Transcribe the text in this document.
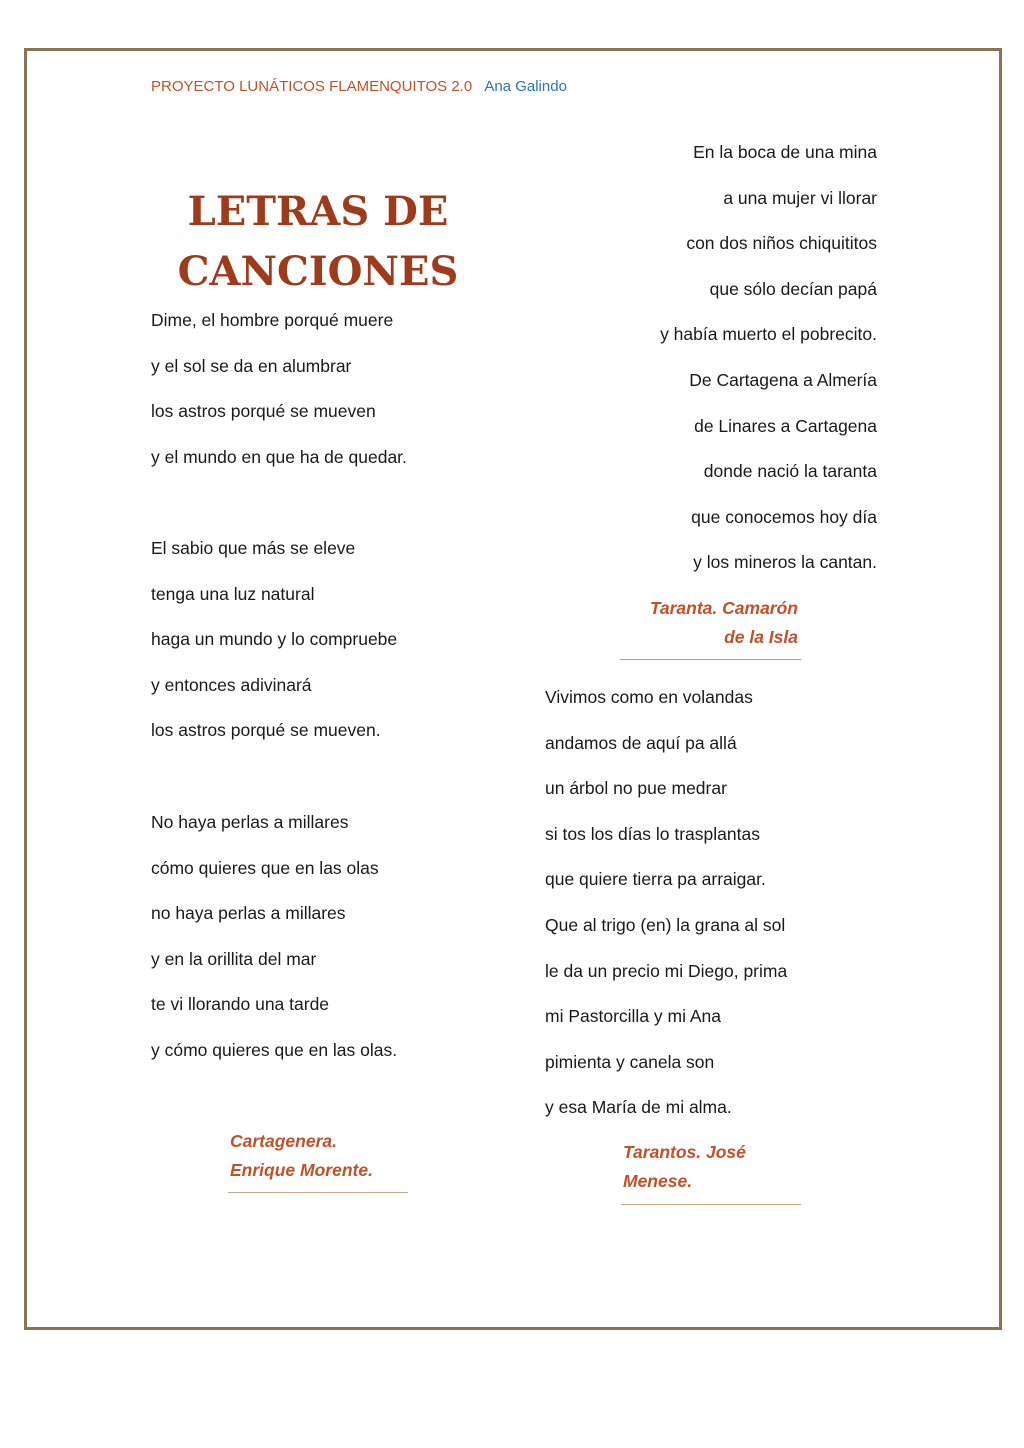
PROYECTO LUNÁTICOS FLAMENQUITOS 2.0 Ana Galindo
LETRAS DE
CANCIONES
Dime, el hombre porqué muere
y el sol se da en alumbrar
los astros porqué se mueven
y el mundo en que ha de quedar.
El sabio que más se eleve
tenga una luz natural
haga un mundo y lo compruebe
y entonces adivinará
los astros porqué se mueven.
No haya perlas a millares
cómo quieres que en las olas
no haya perlas a millares
y en la orillita del mar
te vi llorando una tarde
y cómo quieres que en las olas.
Cartagenera.
Enrique Morente.
En la boca de una mina
a una mujer vi llorar
con dos niños chiquititos
que sólo decían papá
y había muerto el pobrecito.
De Cartagena a Almería
de Linares a Cartagena
donde nació la taranta
que conocemos hoy día
y los mineros la cantan.
Taranta. Camarón
de la Isla
Vivimos como en volandas
andamos de aquí pa allá
un árbol no pue medrar
si tos los días lo trasplantas
que quiere tierra pa arraigar.
Que al trigo (en) la grana al sol
le da un precio mi Diego, prima
mi Pastorcilla y mi Ana
pimienta y canela son
y esa María de mi alma.
Tarantos. José
Menese.
